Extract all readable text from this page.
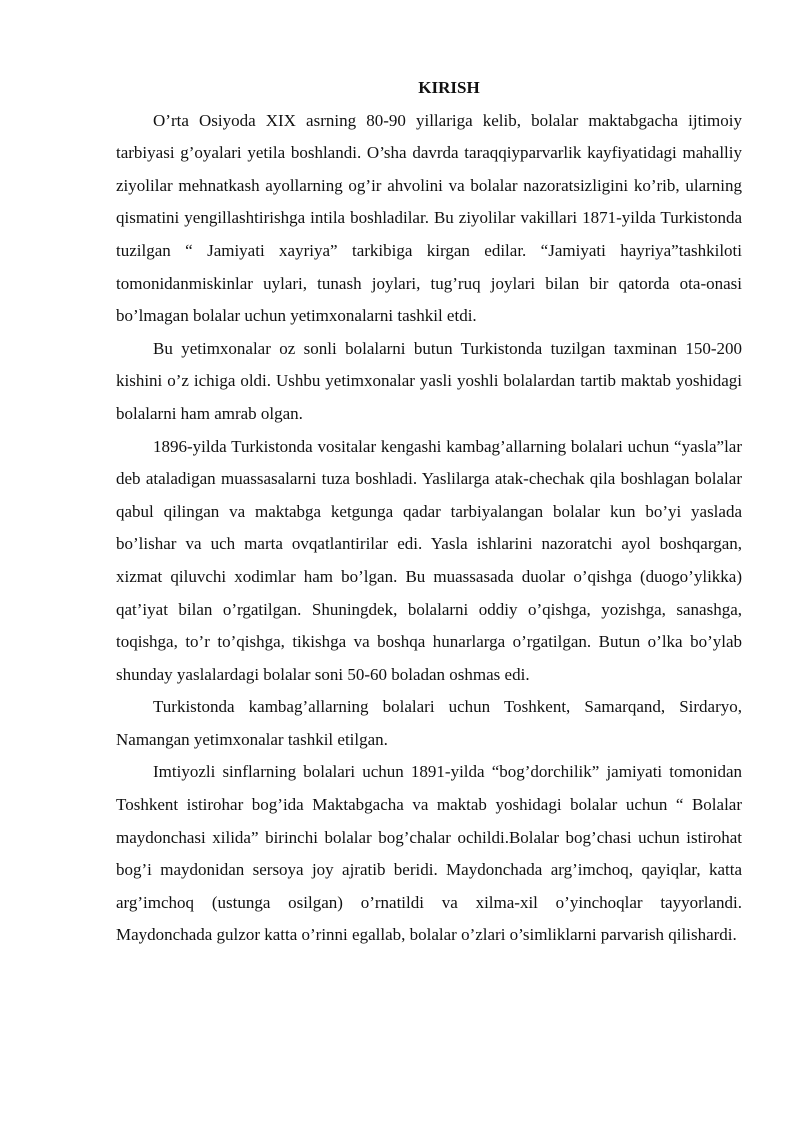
KIRISH

O’rta Osiyoda XIX asrning 80-90 yillariga kelib, bolalar maktabgacha ijtimoiy tarbiyasi g’oyalari yetila boshlandi. O’sha davrda taraqqiyparvarlik kayfiyatidagi mahalliy ziyolilar mehnatkash ayollarning og’ir ahvolini va bolalar nazoratsizligini ko’rib, ularning qismatini yengillashtirishga intila boshladilar. Bu ziyolilar vakillari 1871-yilda Turkistonda tuzilgan “ Jamiyati xayriya” tarkibiga kirgan edilar. “Jamiyati hayriya”tashkiloti tomonidanmiskinlar uylari, tunash joylari, tug’ruq joylari bilan bir qatorda ota-onasi bo’lmagan bolalar uchun yetimxonalarni tashkil etdi.

Bu yetimxonalar oz sonli bolalarni butun Turkistonda tuzilgan taxminan 150-200 kishini o’z ichiga oldi. Ushbu yetimxonalar yasli yoshli bolalardan tartib maktab yoshidagi bolalarni ham amrab olgan.

1896-yilda Turkistonda vositalar kengashi kambag’allarning bolalari uchun “yasla”lar deb ataladigan muassasalarni tuza boshladi. Yaslilarga atak-chechak qila boshlagan bolalar qabul qilingan va maktabga ketgunga qadar tarbiyalangan bolalar kun bo’yi yaslada bo’lishar va uch marta ovqatlantirilar edi. Yasla ishlarini nazoratchi ayol boshqargan, xizmat qiluvchi xodimlar ham bo’lgan. Bu muassasada duolar o’qishga (duogo’ylikka) qat’iyat bilan o’rgatilgan. Shuningdek, bolalarni oddiy o’qishga, yozishga, sanashga, toqishga, to’r to’qishga, tikishga va boshqa hunarlarga o’rgatilgan. Butun o’lka bo’ylab shunday yaslalardagi bolalar soni 50-60 boladan oshmas edi.

Turkistonda kambag’allarning bolalari uchun Toshkent, Samarqand, Sirdaryo, Namangan yetimxonalar tashkil etilgan.

Imtiyozli sinflarning bolalari uchun 1891-yilda “bog’dorchilik” jamiyati tomonidan Toshkent istirohar bog’ida Maktabgacha va maktab yoshidagi bolalar uchun “ Bolalar maydonchasi xilida” birinchi bolalar bog’chalar ochildi.Bolalar bog’chasi uchun istirohat bog’i maydonidan sersoya joy ajratib beridi. Maydonchada arg’imchoq, qayiqlar, katta arg’imchoq (ustunga osilgan) o’rnatildi va xilma-xil o’yinchoqlar tayyorlandi. Maydonchada gulzor katta o’rinni egallab, bolalar o’zlari o’simliklarni parvarish qilishardi.
